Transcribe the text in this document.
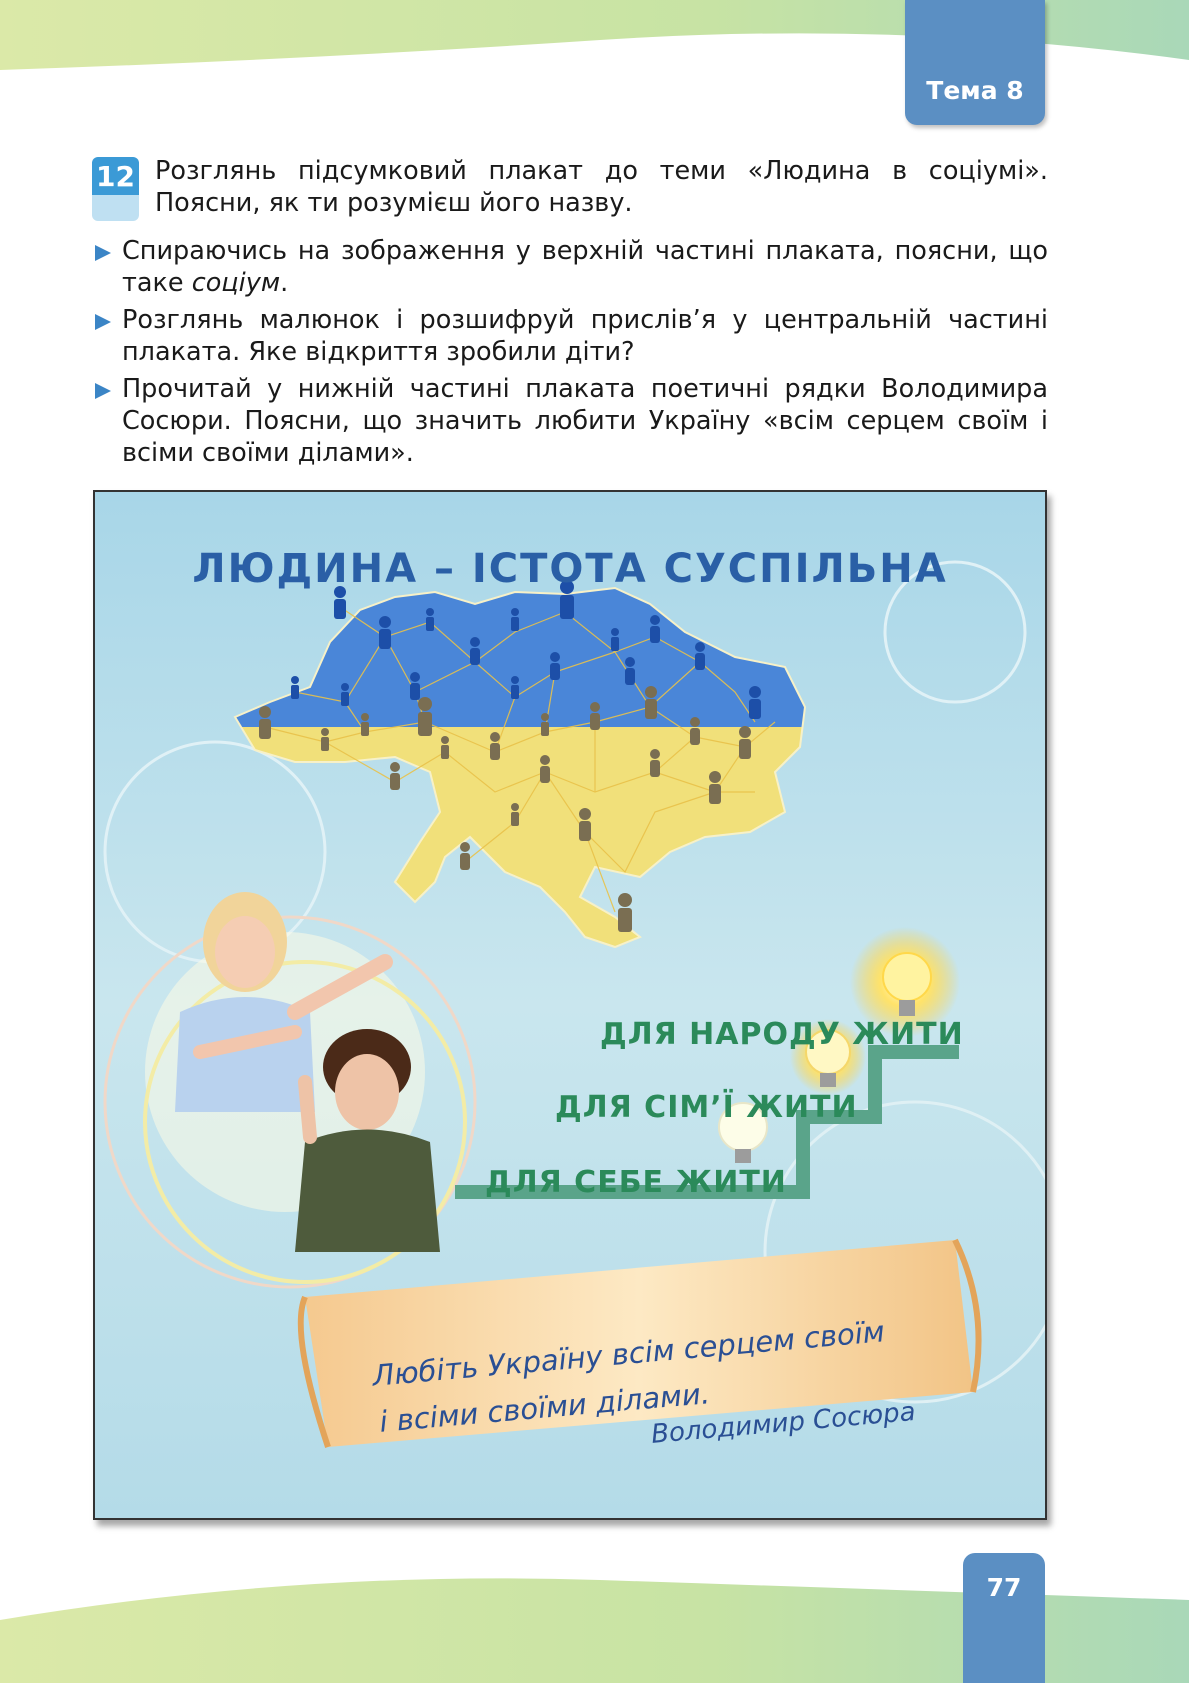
Тема 8
12 Розглянь підсумковий плакат до теми «Людина в соціумі». Поясни, як ти розумієш його назву.
Спираючись на зображення у верхній частині плаката, поясни, що таке соціум.
Розглянь малюнок і розшифруй прислів’я у центральній частині плаката. Яке відкриття зробили діти?
Прочитай у нижній частині плаката поетичні рядки Володимира Сосюри. Поясни, що значить любити Україну «всім серцем своїм і всіми своїми ділами».
ЛЮДИНА – ІСТОТА СУСПІЛЬНА
ДЛЯ НАРОДУ ЖИТИ
ДЛЯ СІМ’Ї ЖИТИ
ДЛЯ СЕБЕ ЖИТИ
Любіть Україну всім серцем своїм
і всіми своїми ділами.
Володимир Сосюра
77
